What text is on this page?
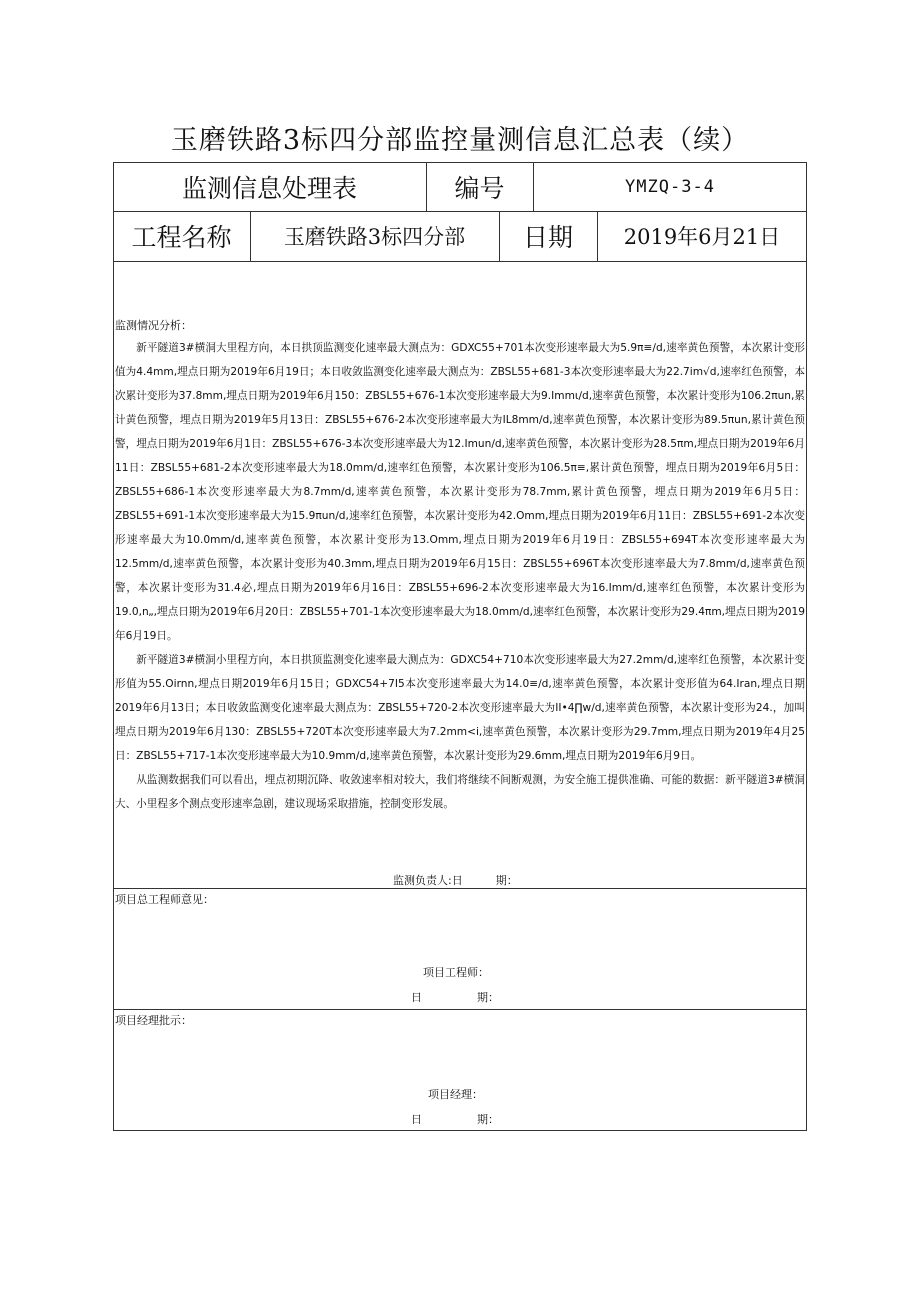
玉磨铁路3标四分部监控量测信息汇总表（续）
监测信息处理表	编号	YMZQ-3-4
工程名称	玉磨铁路3标四分部	日期	2019年6月21日
监测情况分析：

新平隧道3#横洞大里程方向，本日拱顶监测变化速率最大测点为：GDXC55+701本次变形速率最大为5.9π≡∕d,速率黄色预警，本次累计变形值为4.4mm,埋点日期为2019年6月19日；本日收敛监测变化速率最大测点为：ZBSL55+681-3本次变形速率最大为22.7im√d,速率红色预警，本次累计变形为37.8mm,埋点日期为2019年6月150：ZBSL55+676-1本次变形速率最大为9.Immι∕d,速率黄色预警，本次累计变形为106.2πun,累计黄色预警，埋点日期为2019年5月13日：ZBSL55+676-2本次变形速率最大为IL8mm∕d,速率黄色预警，本次累计变形为89.5πun,累计黄色预警，埋点日期为2019年6月1日：ZBSL55+676-3本次变形速率最大为12.Imun∕d,速率黄色预警，本次累计变形为28.5πm,埋点日期为2019年6月11日：ZBSL55+681-2本次变形速率最大为18.0mm∕d,速率红色预警，本次累计变形为106.5π≡,累计黄色预警，埋点日期为2019年6月5日：ZBSL55+686-1本次变形速率最大为8.7mm∕d,速率黄色预警，本次累计变形为78.7mm,累计黄色预警，埋点日期为2019年6月5日：ZBSL55+691-1本次变形速率最大为15.9πun∕d,速率红色预警，本次累计变形为42.Omm,埋点日期为2019年6月11日：ZBSL55+691-2本次变形速率最大为10.0mm∕d,速率黄色预警，本次累计变形为13.Omm,埋点日期为2019年6月19日：ZBSL55+694T本次变形速率最大为12.5mm∕d,速率黄色预警，本次累计变形为40.3mm,埋点日期为2019年6月15日：ZBSL55+696T本次变形速率最大为7.8mm∕d,速率黄色预警，本次累计变形为31.4必,埋点日期为2019年6月16日：ZBSL55+696-2本次变形速率最大为16.Imm∕d,速率红色预警，本次累计变形为19.0,n„,埋点日期为2019年6月20日：ZBSL55+701-1本次变形速率最大为18.0mm∕d,速率红色预警，本次累计变形为29.4πm,埋点日期为2019年6月19日。

新平隧道3#横洞小里程方向，本日拱顶监测变化速率最大测点为：GDXC54+710本次变形速率最大为27.2mm∕d,速率红色预警，本次累计变形值为55.Oirnn,埋点日期2019年6月15日；GDXC54+7I5本次变形速率最大为14.0≡∕d,速率黄色预警，本次累计变形值为64.Iran,埋点日期2019年6月13日；本日收敛监测变化速率最大测点为：ZBSL55+720-2本次变形速率最大为II•4∏w∕d,速率黄色预警，本次累计变形为24.，加叫埋点日期为2019年6月130：ZBSL55+720T本次变形速率最大为7.2mm<i,速率黄色预警，本次累计变形为29.7mm,埋点日期为2019年4月25日：ZBSL55+717-1本次变形速率最大为10.9mm∕d,速率黄色预警，本次累计变形为29.6mm,埋点日期为2019年6月9日。

从监测数据我们可以看出，埋点初期沉降、收敛速率相对较大，我们将继续不间断观测，为安全施工提供准确、可能的数据：新平隧道3#横洞大、小里程多个测点变形速率急剧，建议现场采取措施，控制变形发展。

监测负责人:日　　　期：
项目总工程师意见：
项目工程师：
日　　　　　期：
项目经理批示：
项目经理：
日　　　　　期：
